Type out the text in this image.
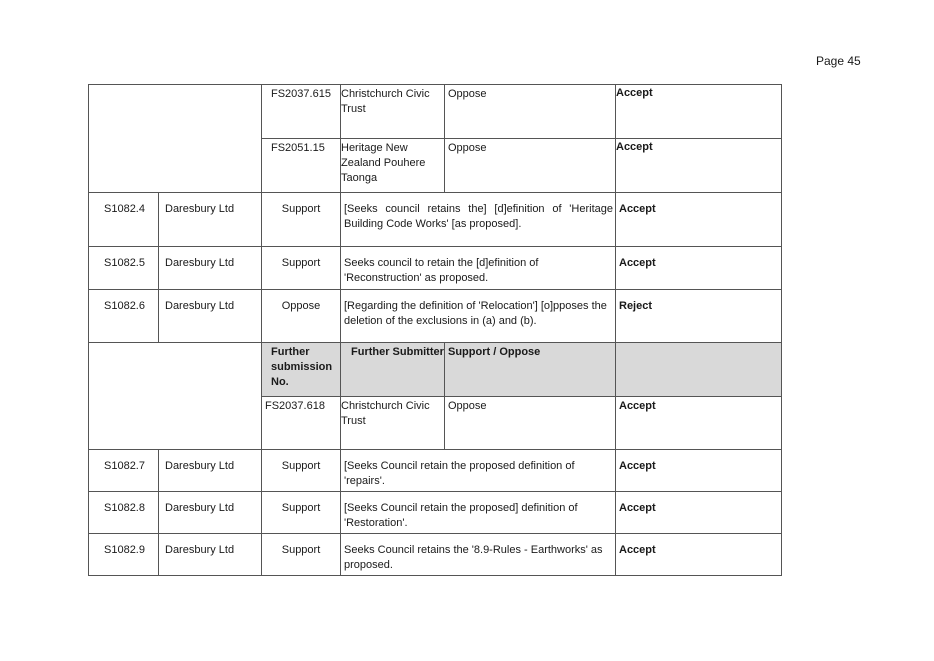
Page 45
		FS2037.615	Christchurch Civic Trust	Oppose	Accept
		FS2051.15	Heritage New Zealand Pouhere Taonga	Oppose	Accept
S1082.4	Daresbury Ltd	Support	[Seeks council retains the] [d]efinition of 'Heritage Building Code Works' [as proposed].		Accept
S1082.5	Daresbury Ltd	Support	Seeks council to retain the [d]efinition of 'Reconstruction' as proposed.		Accept
S1082.6	Daresbury Ltd	Oppose	[Regarding the definition of 'Relocation'] [o]pposes the deletion of the exclusions in (a) and (b).		Reject
		Further submission No.	Further Submitter	Support / Oppose	
		FS2037.618	Christchurch Civic Trust	Oppose	Accept
S1082.7	Daresbury Ltd	Support	[Seeks Council retain the proposed definition of 'repairs'.		Accept
S1082.8	Daresbury Ltd	Support	[Seeks Council retain the proposed] definition of 'Restoration'.		Accept
S1082.9	Daresbury Ltd	Support	Seeks Council retains the '8.9-Rules - Earthworks' as proposed.		Accept
